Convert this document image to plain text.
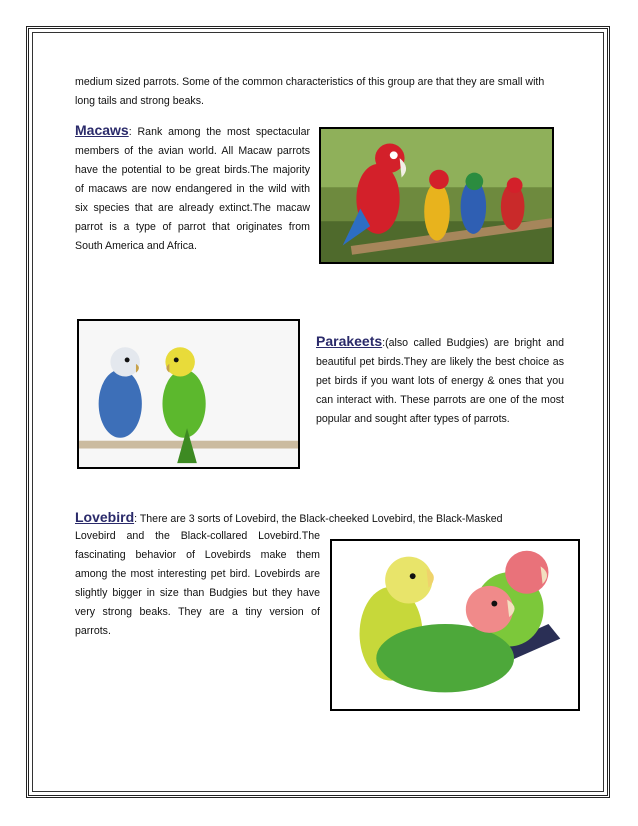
medium sized parrots. Some of the common characteristics of this group are that they are small with long tails and strong beaks.
Macaws: Rank among the most spectacular members of the avian world. All Macaw parrots have the potential to be great birds.The majority of macaws are now endangered in the wild with six species that are already extinct.The macaw parrot is a type of parrot that originates from South America and Africa.
Parakeets:(also called Budgies) are bright and beautiful pet birds.They are likely the best choice as pet birds if you want lots of energy & ones that you can interact with. These parrots are one of the most popular and sought after types of parrots.
Lovebird: There are 3 sorts of Lovebird, the Black-cheeked Lovebird, the Black-Masked
Lovebird and the Black-collared Lovebird.The fascinating behavior of Lovebirds make them among the most interesting pet bird. Lovebirds are slightly bigger in size than Budgies but they have very strong beaks. They are a tiny version of parrots.
